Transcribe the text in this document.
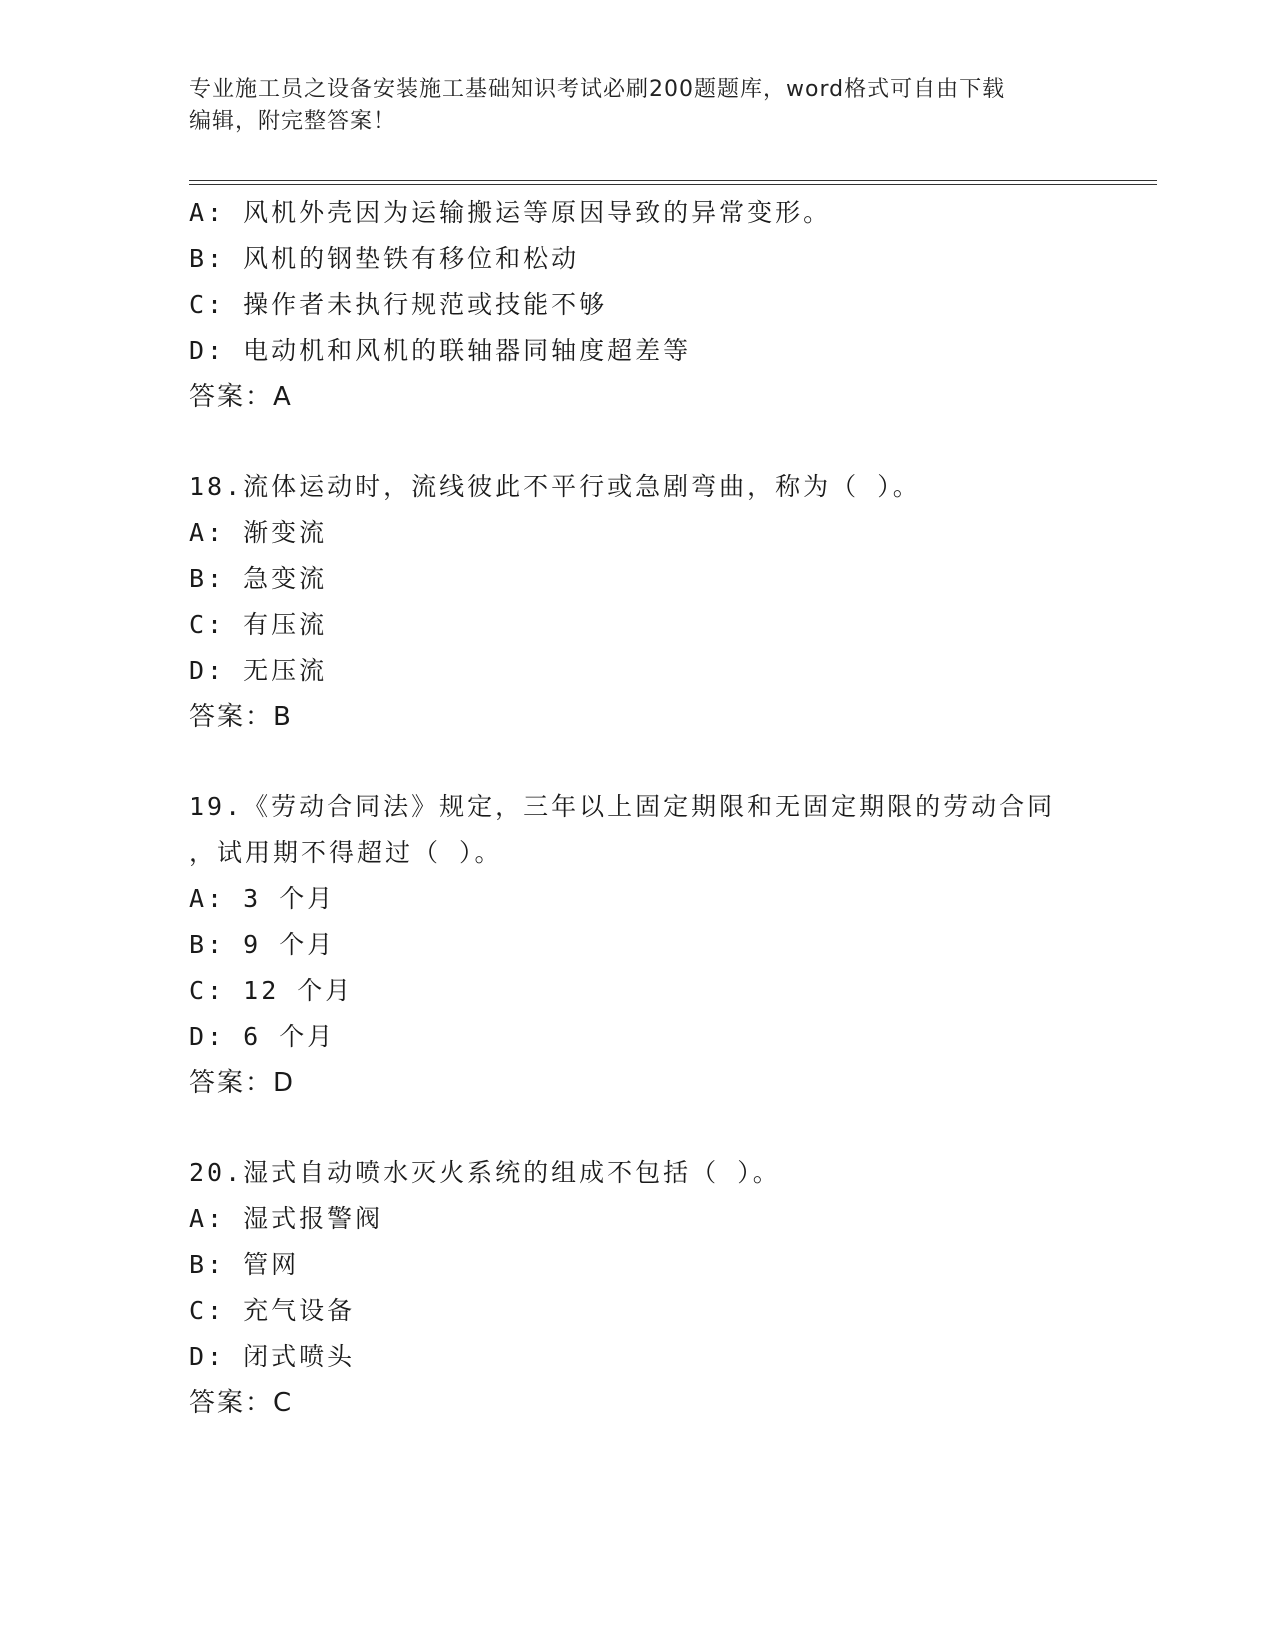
专业施工员之设备安装施工基础知识考试必刷200题题库，word格式可自由下载
编辑，附完整答案！
A: 风机外壳因为运输搬运等原因导致的异常变形。
B: 风机的钢垫铁有移位和松动
C: 操作者未执行规范或技能不够
D: 电动机和风机的联轴器同轴度超差等
答案：A
18.流体运动时，流线彼此不平行或急剧弯曲，称为（ ）。
A: 渐变流
B: 急变流
C: 有压流
D: 无压流
答案：B
19.《劳动合同法》规定，三年以上固定期限和无固定期限的劳动合同
，试用期不得超过（ ）。
A: 3 个月
B: 9 个月
C: 12 个月
D: 6 个月
答案：D
20.湿式自动喷水灭火系统的组成不包括（ ）。
A: 湿式报警阀
B: 管网
C: 充气设备
D: 闭式喷头
答案：C
